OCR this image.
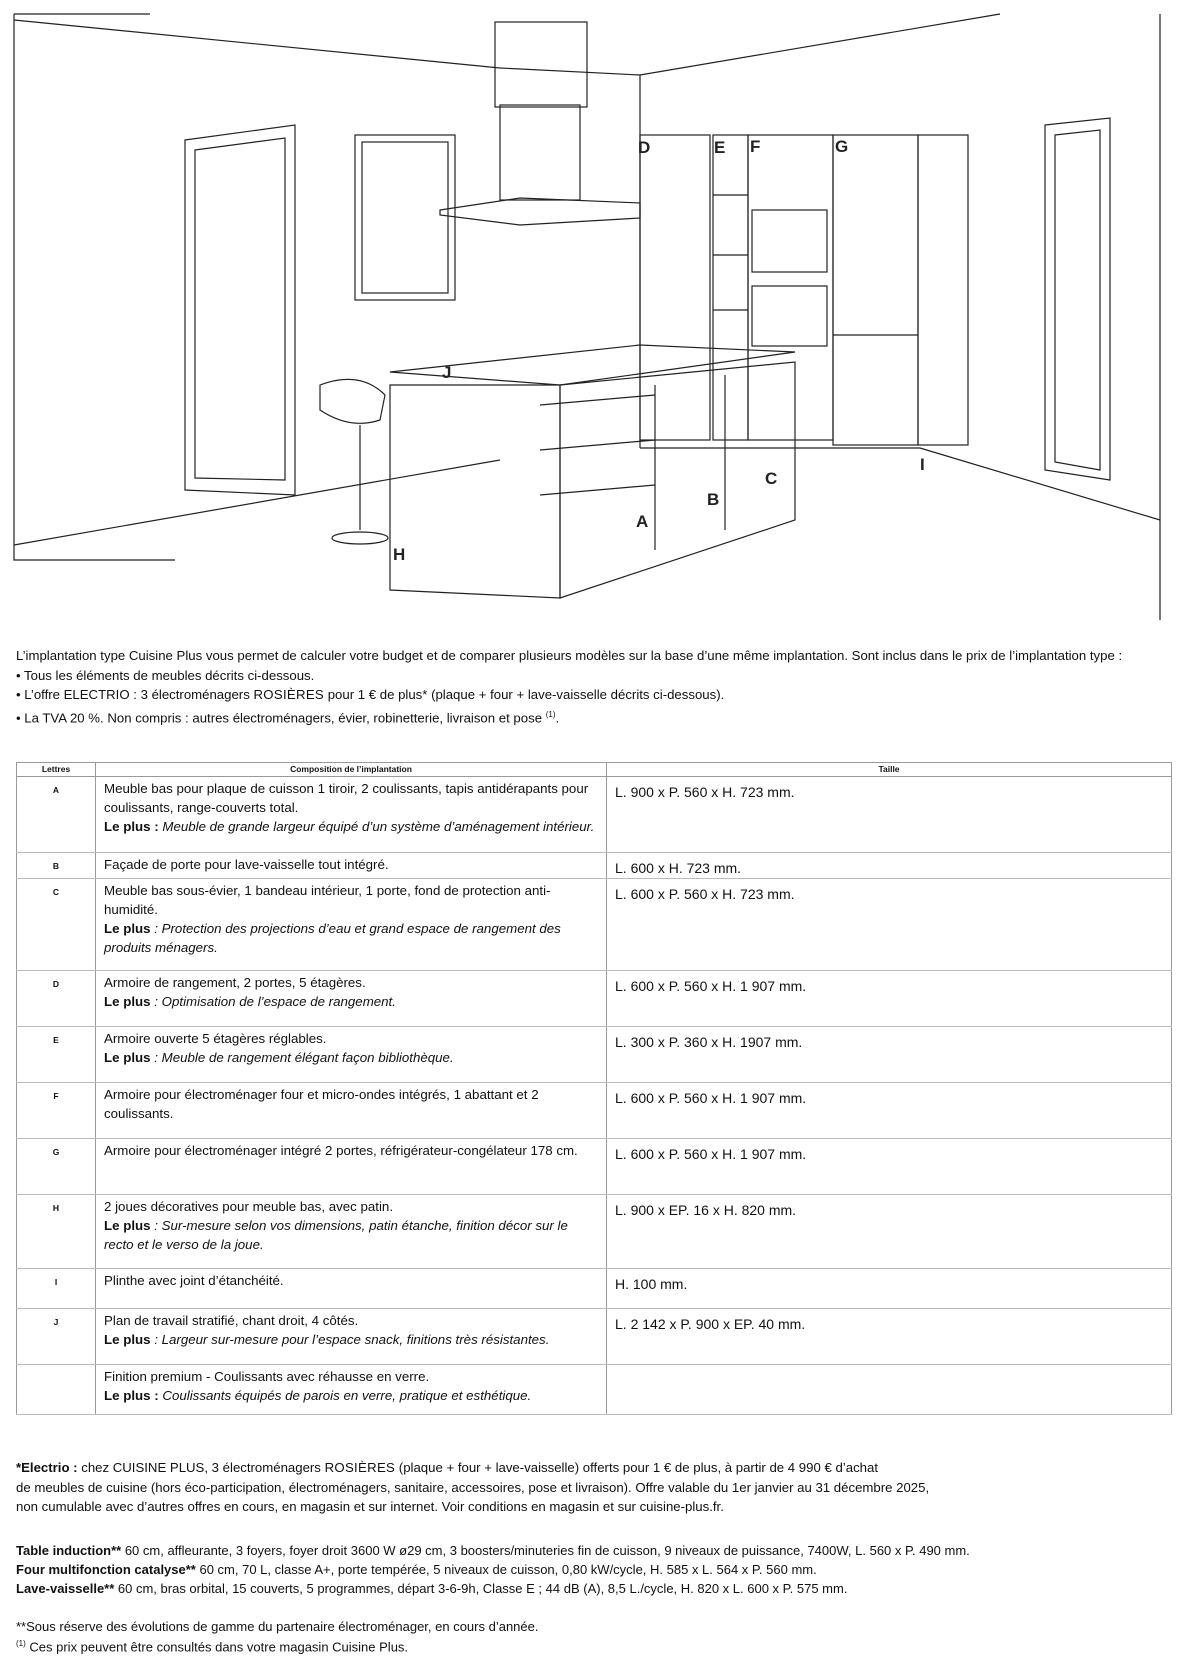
A
B
C
D	E F	G
H
I
J

L’implantation type Cuisine Plus vous permet de calculer votre budget et de comparer plusieurs modèles sur la base d’une même implantation. Sont inclus dans le prix de l’implantation type :

• Tous les éléments de meubles décrits ci-dessous.

• L’offre ELECTRIO : 3 électroménagers ROSIÈRES pour 1 € de plus* (plaque + four + lave-vaisselle décrits ci-dessous).

• La TVA 20 %. Non compris : autres électroménagers, évier, robinetterie, livraison et pose $^{(1)}$.

Lettres	Composition de l’implantation	Taille
A	Meuble bas pour plaque de cuisson 1 tiroir, 2 coulissants, tapis antidérapants pour coulissants, range-couverts total.
Le plus : Meuble de grande largeur équipé d’un système d’aménagement intérieur.	L. 900 x P. 560 x H. 723 mm.
B	Façade de porte pour lave-vaisselle tout intégré.	L. 600 x H. 723 mm.
C	Meuble bas sous-évier, 1 bandeau intérieur, 1 porte, fond de protection anti-humidité.
Le plus : Protection des projections d’eau et grand espace de rangement des produits ménagers.	L. 600 x P. 560 x H. 723 mm.
D	Armoire de rangement, 2 portes, 5 étagères.
Le plus : Optimisation de l’espace de rangement.	L. 600 x P. 560 x H. 1 907 mm.
E	Armoire ouverte 5 étagères réglables.
Le plus : Meuble de rangement élégant façon bibliothèque.	L. 300 x P. 360 x H. 1907 mm.
F	Armoire pour électroménager four et micro-ondes intégrés, 1 abattant et 2 coulissants.	L. 600 x P. 560 x H. 1 907 mm.
G	Armoire pour électroménager intégré 2 portes, réfrigérateur-congélateur 178 cm.	L. 600 x P. 560 x H. 1 907 mm.
H	2 joues décoratives pour meuble bas, avec patin.
Le plus : Sur-mesure selon vos dimensions, patin étanche, finition décor sur le recto et le verso de la joue.	L. 900 x EP. 16 x H. 820 mm.
I	Plinthe avec joint d’étanchéité.	H. 100 mm.
J	Plan de travail stratifié, chant droit, 4 côtés.
Le plus : Largeur sur-mesure pour l’espace snack, finitions très résistantes.	L. 2 142 x P. 900 x EP. 40 mm.

	Finition premium - Coulissants avec réhausse en verre.
Le plus : Coulissants équipés de parois en verre, pratique et esthétique.	

*Electrio : chez CUISINE PLUS, 3 électroménagers ROSIÈRES (plaque + four + lave-vaisselle) offerts pour 1 € de plus, à partir de 4 990 € d’achat

de meubles de cuisine (hors éco-participation, électroménagers, sanitaire, accessoires, pose et livraison). Offre valable du 1er janvier au 31 décembre 2025,

non cumulable avec d’autres offres en cours, en magasin et sur internet. Voir conditions en magasin et sur cuisine-plus.fr.

Table induction** 60 cm, affleurante, 3 foyers, foyer droit 3600 W ø29 cm, 3 boosters/minuteries fin de cuisson, 9 niveaux de puissance, 7400W, L. 560 x P. 490 mm.

Four multifonction catalyse** 60 cm, 70 L, classe A+, porte tempérée, 5 niveaux de cuisson, 0,80 kW/cycle, H. 585 x L. 564 x P. 560 mm.

Lave-vaisselle** 60 cm, bras orbital, 15 couverts, 5 programmes, départ 3-6-9h, Classe E ; 44 dB (A), 8,5 L./cycle, H. 820 x L. 600 x P. 575 mm.

**Sous réserve des évolutions de gamme du partenaire électroménager, en cours d’année.

$^{(1)}$ Ces prix peuvent être consultés dans votre magasin Cuisine Plus.
